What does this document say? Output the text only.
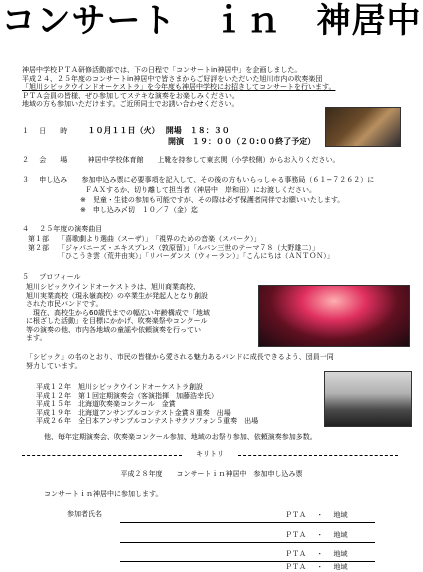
コンサート　ｉｎ　神居中
神居中学校ＰＴＡ研修活動部では、下の日程で「コンサートin神居中」を企画しました。
平成２４、２５年度のコンサートin神居中で皆さまからご好評をいただいた旭川市内の吹奏楽団
「旭川シビックウインドオーケストラ」を今年度も神居中学校にお招きしてコンサートを行います。
ＰＴＡ会員の皆様、ぜひ参加してステキな演奏をお楽しみください。
地域の方も参加いただけます。ご近所同士でお誘い合わせください。
１ 日　　時	１０月１１日（火） 開場　１８：３０
開演　１９：００（２０:００終了予定）
２ 会　　場	神居中学校体育館　　上靴を持参して東玄関（小学校側）からお入りください。
３ 申し込み 参加申込み票に必要事項を記入して、その後の方もいらっしゃる事務局（６１−７２６２）に
ＦＡＸするか、切り離して担当者（神居中　岸和田）にお渡しください。
※　児童・生徒の参加も可能ですが、その際は必ず保護者同伴でお願いいたします。
※　申し込み〆切　１０／７（金）迄
４ ２５年度の演奏曲目
第１部 「喜歌劇より選曲（スーザ）」　「視界のための音楽（スパーク）」
第２部 「ジャパニーズ・エキスプレス（敦原留）」「ルパン三世のテーマ７８（大野雄二）」
「ひこうき雲（荒井由実）」「リバーダンス（ウィーラン）」「こんにちは（ＡＮＴＯＮ）」
５ プロフィール
旭川シビックウインドオーケストラは、旭川商業高校、
旭川実業高校（現永嶺高校）の卒業生が発起人となり創設
された市民バンドです。
　現在、高校生から60歳代までの幅広い年齢構成で「地域
に根ざした活動」を目標にかかげ、吹奏楽祭やコンクール
等の演奏の他、市内各地域の童謡や依頼演奏を行ってい
ます。
「シビック」の名のとおり、市民の皆様から愛される魅力あるバンドに成長できるよう、団員一同
努力しています。
平成１２年　旭川シビックウインドオーケストラ創設
平成１２年　第１回定期演奏会（客演指揮　加藤浩幸氏）
平成１５年　北海道吹奏楽コンクール　金賞
平成１９年　北海道アンサンブルコンテスト金賞８重奏　出場
平成２６年　全日本アンサンブルコンテストサクソフォン５重奏　出場
他、毎年定期演奏会、吹奏楽コンクール参加、地域のお祭り参加、依頼演奏参加多数。
キリトリ
平成２８年度　　コンサートｉｎ神居中　参加申し込み票
コンサートｉｎ神居中に参加します。
参加者氏名	ＰＴＡ ・ 地域
ＰＴＡ ・ 地域
ＰＴＡ ・ 地域
ＰＴＡ ・ 地域
